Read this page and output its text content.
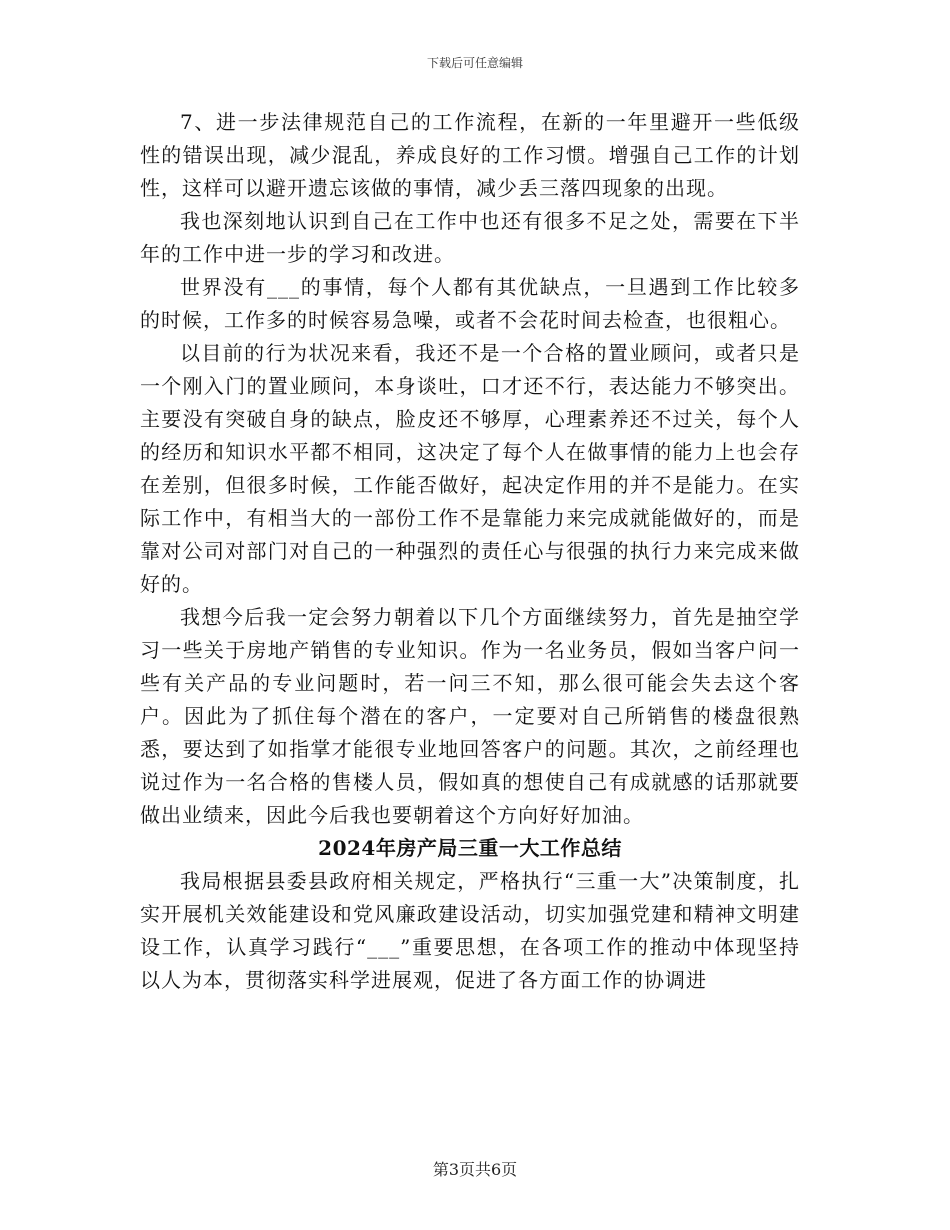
下载后可任意编辑

7、进一步法律规范自己的工作流程，在新的一年里避开一些低级性的错误出现，减少混乱，养成良好的工作习惯。增强自己工作的计划性，这样可以避开遗忘该做的事情，减少丢三落四现象的出现。

我也深刻地认识到自己在工作中也还有很多不足之处，需要在下半年的工作中进一步的学习和改进。

世界没有___的事情，每个人都有其优缺点，一旦遇到工作比较多的时候，工作多的时候容易急噪，或者不会花时间去检查，也很粗心。

以目前的行为状况来看，我还不是一个合格的置业顾问，或者只是一个刚入门的置业顾问，本身谈吐，口才还不行，表达能力不够突出。主要没有突破自身的缺点，脸皮还不够厚，心理素养还不过关，每个人的经历和知识水平都不相同，这决定了每个人在做事情的能力上也会存在差别，但很多时候，工作能否做好，起决定作用的并不是能力。在实际工作中，有相当大的一部份工作不是靠能力来完成就能做好的，而是靠对公司对部门对自己的一种强烈的责任心与很强的执行力来完成来做好的。

我想今后我一定会努力朝着以下几个方面继续努力，首先是抽空学习一些关于房地产销售的专业知识。作为一名业务员，假如当客户问一些有关产品的专业问题时，若一问三不知，那么很可能会失去这个客户。因此为了抓住每个潜在的客户，一定要对自己所销售的楼盘很熟悉，要达到了如指掌才能很专业地回答客户的问题。其次，之前经理也说过作为一名合格的售楼人员，假如真的想使自己有成就感的话那就要做出业绩来，因此今后我也要朝着这个方向好好加油。

2024年房产局三重一大工作总结

我局根据县委县政府相关规定，严格执行“三重一大”决策制度，扎实开展机关效能建设和党风廉政建设活动，切实加强党建和精神文明建设工作，认真学习践行“___”重要思想，在各项工作的推动中体现坚持以人为本，贯彻落实科学进展观，促进了各方面工作的协调进

第3页共6页
